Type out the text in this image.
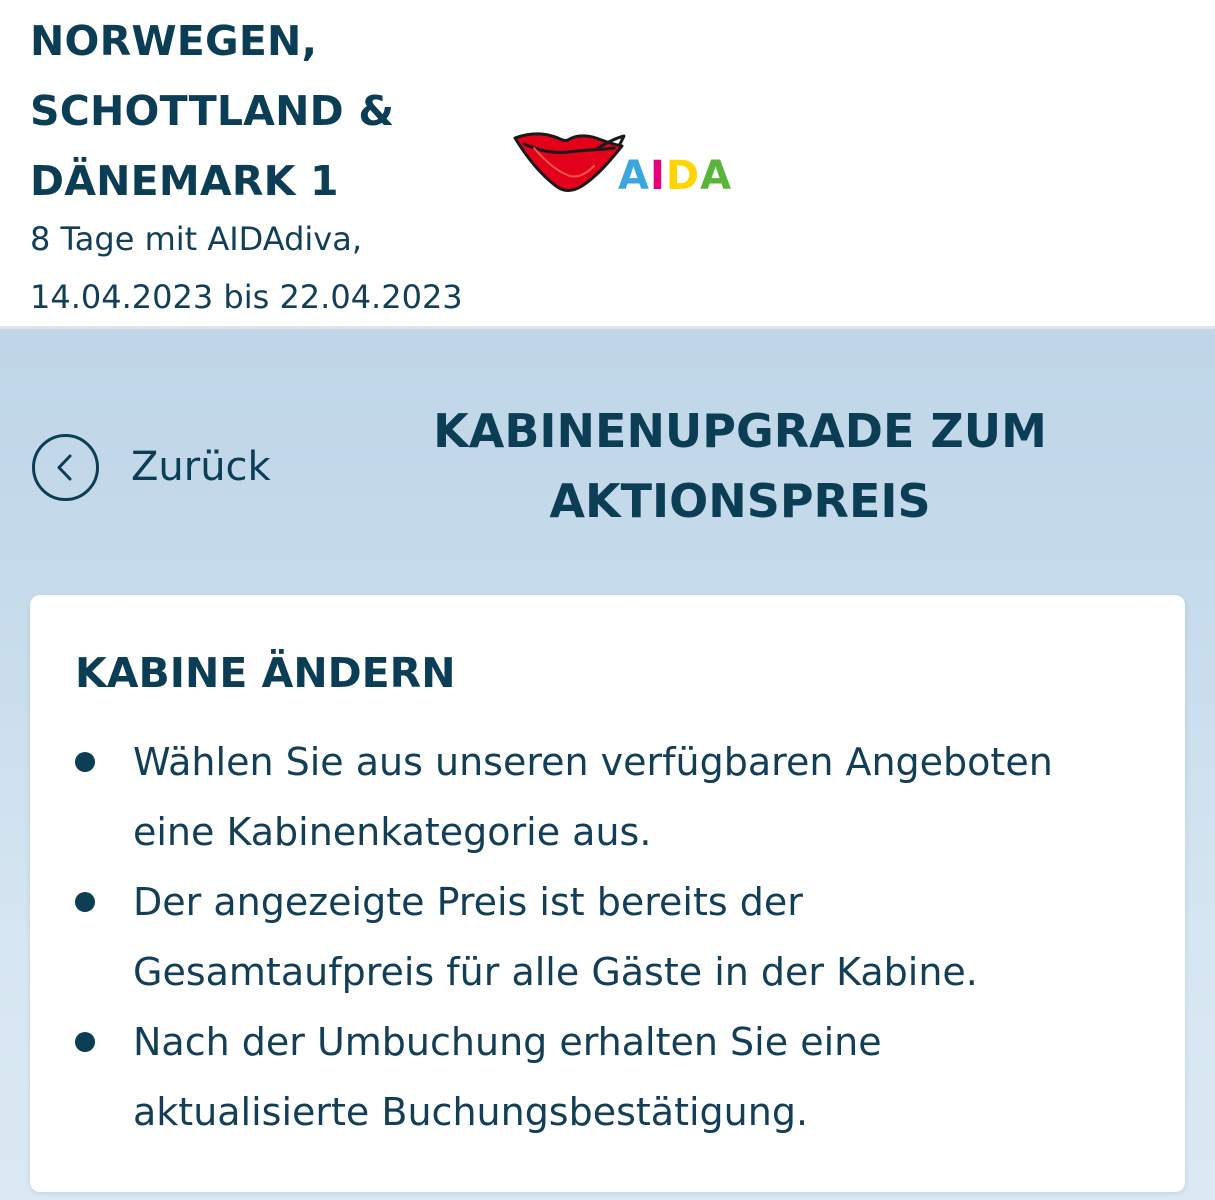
NORWEGEN,
SCHOTTLAND &
DÄNEMARK 1
8 Tage mit AIDAdiva,
14.04.2023 bis 22.04.2023
AIDA
Zurück
KABINENUPGRADE ZUM
AKTIONSPREIS
KABINE ÄNDERN
Wählen Sie aus unseren verfügbaren Angeboten
eine Kabinenkategorie aus.
Der angezeigte Preis ist bereits der
Gesamtaufpreis für alle Gäste in der Kabine.
Nach der Umbuchung erhalten Sie eine
aktualisierte Buchungsbestätigung.
